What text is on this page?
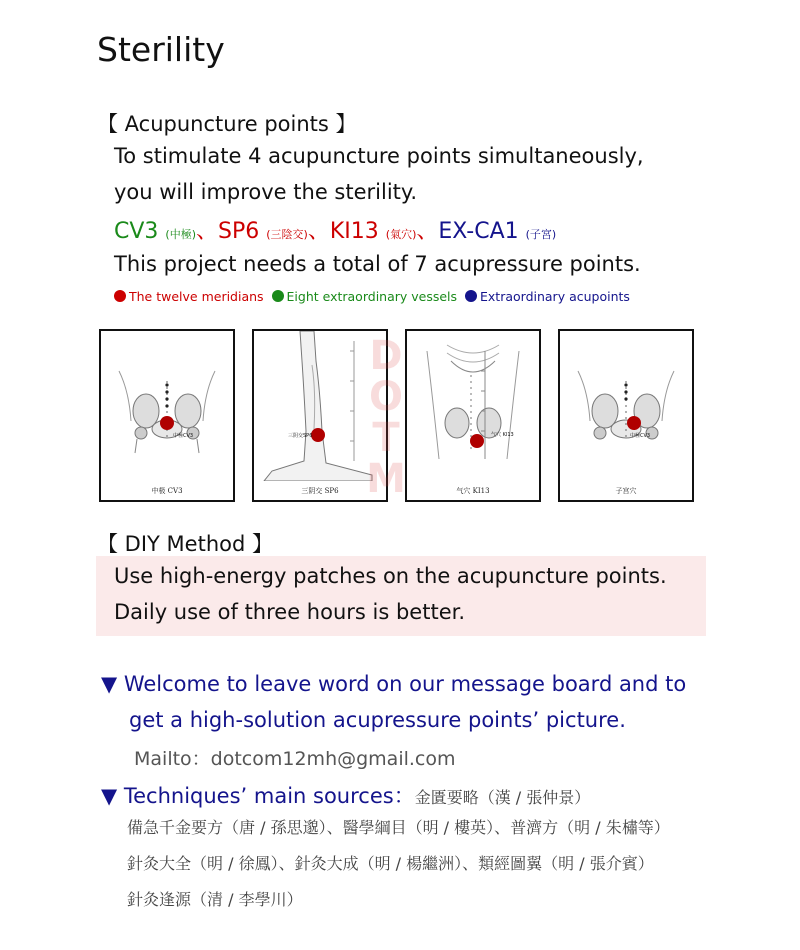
Sterility
【 Acupuncture points 】
To stimulate 4 acupuncture points simultaneously,
you will improve the sterility.
CV3 (中極)、SP6 (三陰交)、KI13 (氣穴)、EX-CA1 (子宮)
This project needs a total of 7 acupressure points.
The twelve meridians Eight extraordinary vessels Extraordinary acupoints
中極CV3
中极 CV3
三阴交SP6
三阴交 SP6
气穴 KI13
气穴 KI13
中極CV3
子宫穴
D
O
T
M
【 DIY Method 】
Use high-energy patches on the acupuncture points.
Daily use of three hours is better.
▼ Welcome to leave word on our message board and to
get a high-solution acupressure points’ picture.
Mailto：dotcom12mh@gmail.com
▼ Techniques’ main sources：金匱要略（漢 / 張仲景）
備急千金要方（唐 / 孫思邈）、醫學綱目（明 / 樓英）、普濟方（明 / 朱橚等）
針灸大全（明 / 徐鳳）、針灸大成（明 / 楊繼洲）、類經圖翼（明 / 張介賓）
針灸逢源（清 / 李學川）
